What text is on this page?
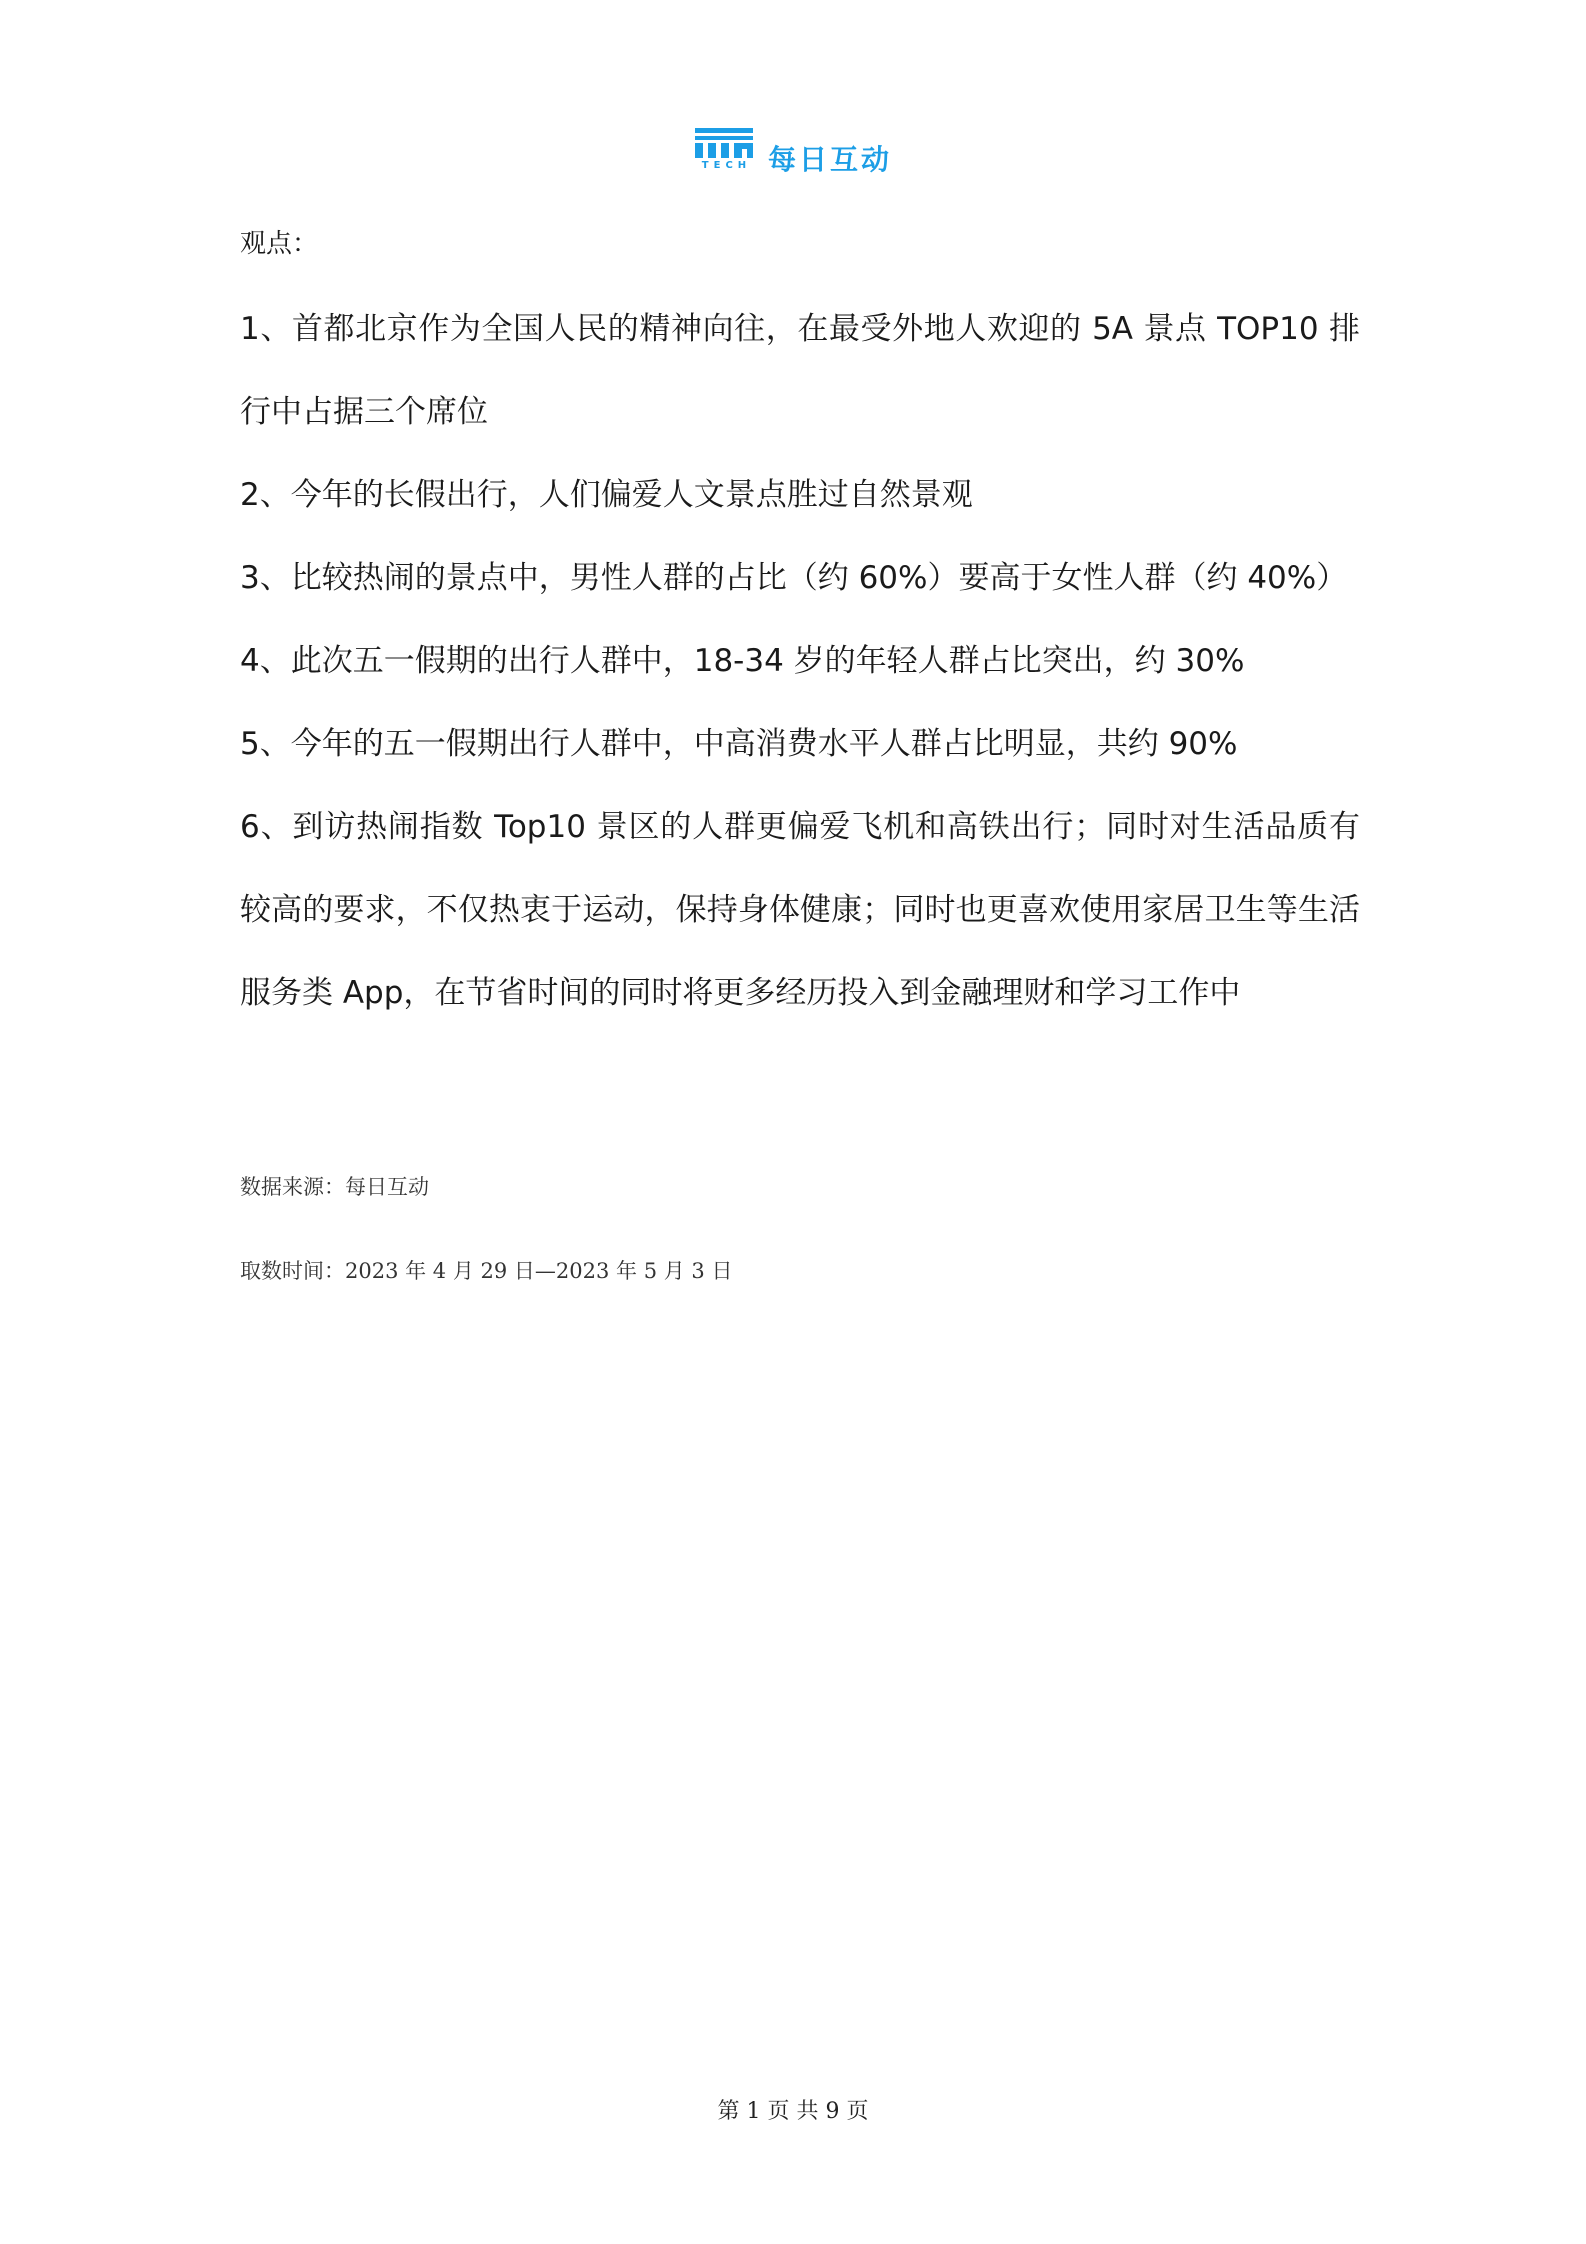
TECH 每日互动

观点：

1、首都北京作为全国人民的精神向往，在最受外地人欢迎的 5A 景点 TOP10 排行中占据三个席位
2、今年的长假出行，人们偏爱人文景点胜过自然景观
3、比较热闹的景点中，男性人群的占比（约 60%）要高于女性人群（约 40%）
4、此次五一假期的出行人群中，18-34 岁的年轻人群占比突出，约 30%
5、今年的五一假期出行人群中，中高消费水平人群占比明显，共约 90%
6、到访热闹指数 Top10 景区的人群更偏爱飞机和高铁出行；同时对生活品质有较高的要求，不仅热衷于运动，保持身体健康；同时也更喜欢使用家居卫生等生活服务类 App，在节省时间的同时将更多经历投入到金融理财和学习工作中
数据来源：每日互动
取数时间：2023 年 4 月 29 日—2023 年 5 月 3 日
第 1 页 共 9 页
